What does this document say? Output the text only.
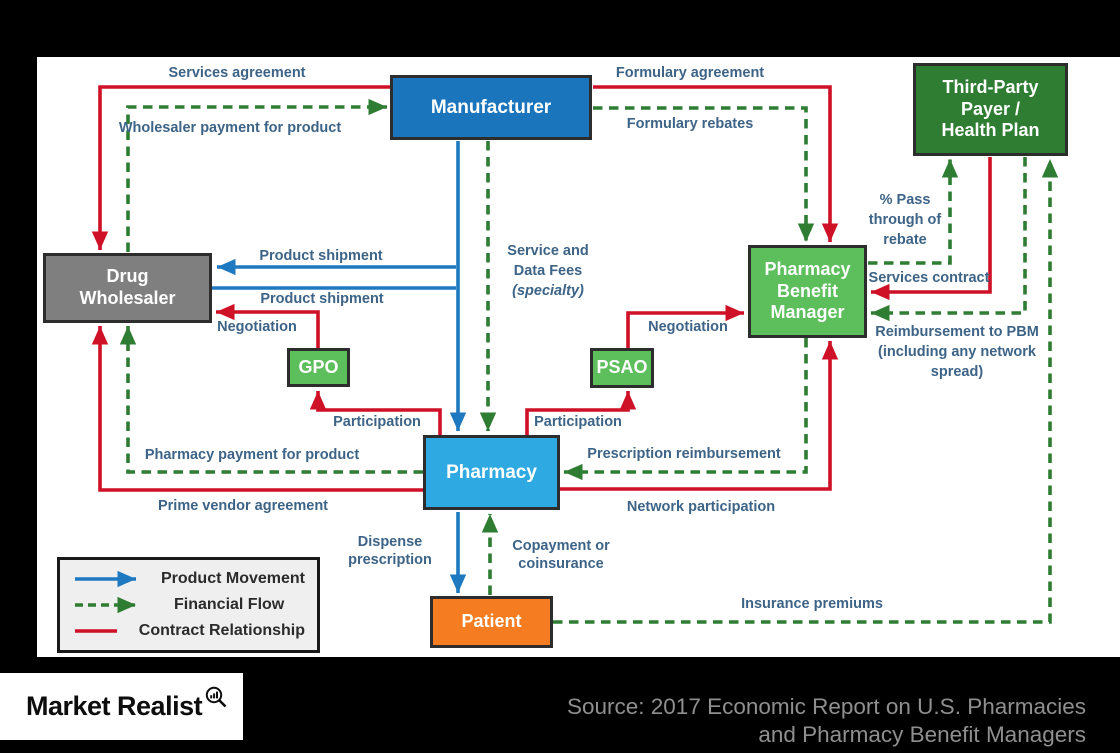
Manufacturer
Third-Party
Payer /
Health Plan
Drug
Wholesaler
Pharmacy
Benefit
Manager
GPO	PSAO
Pharmacy
Patient
Services agreement
Wholesaler payment for product
Formulary agreement
Formulary rebates
Product shipment
Product shipment
Negotiation	Negotiation
Service and
Data Fees
(specialty)
% Pass
through of
rebate
Services contract
Reimbursement to PBM
(including any network
spread)
Participation	Participation
Pharmacy payment for product	Prescription reimbursement
Prime vendor agreement	Network participation
Dispense
prescription
Copayment or
coinsurance
Insurance premiums
Product Movement
Financial Flow
Contract Relationship
Market Realist	Source: 2017 Economic Report on U.S. Pharmacies
and Pharmacy Benefit Managers
